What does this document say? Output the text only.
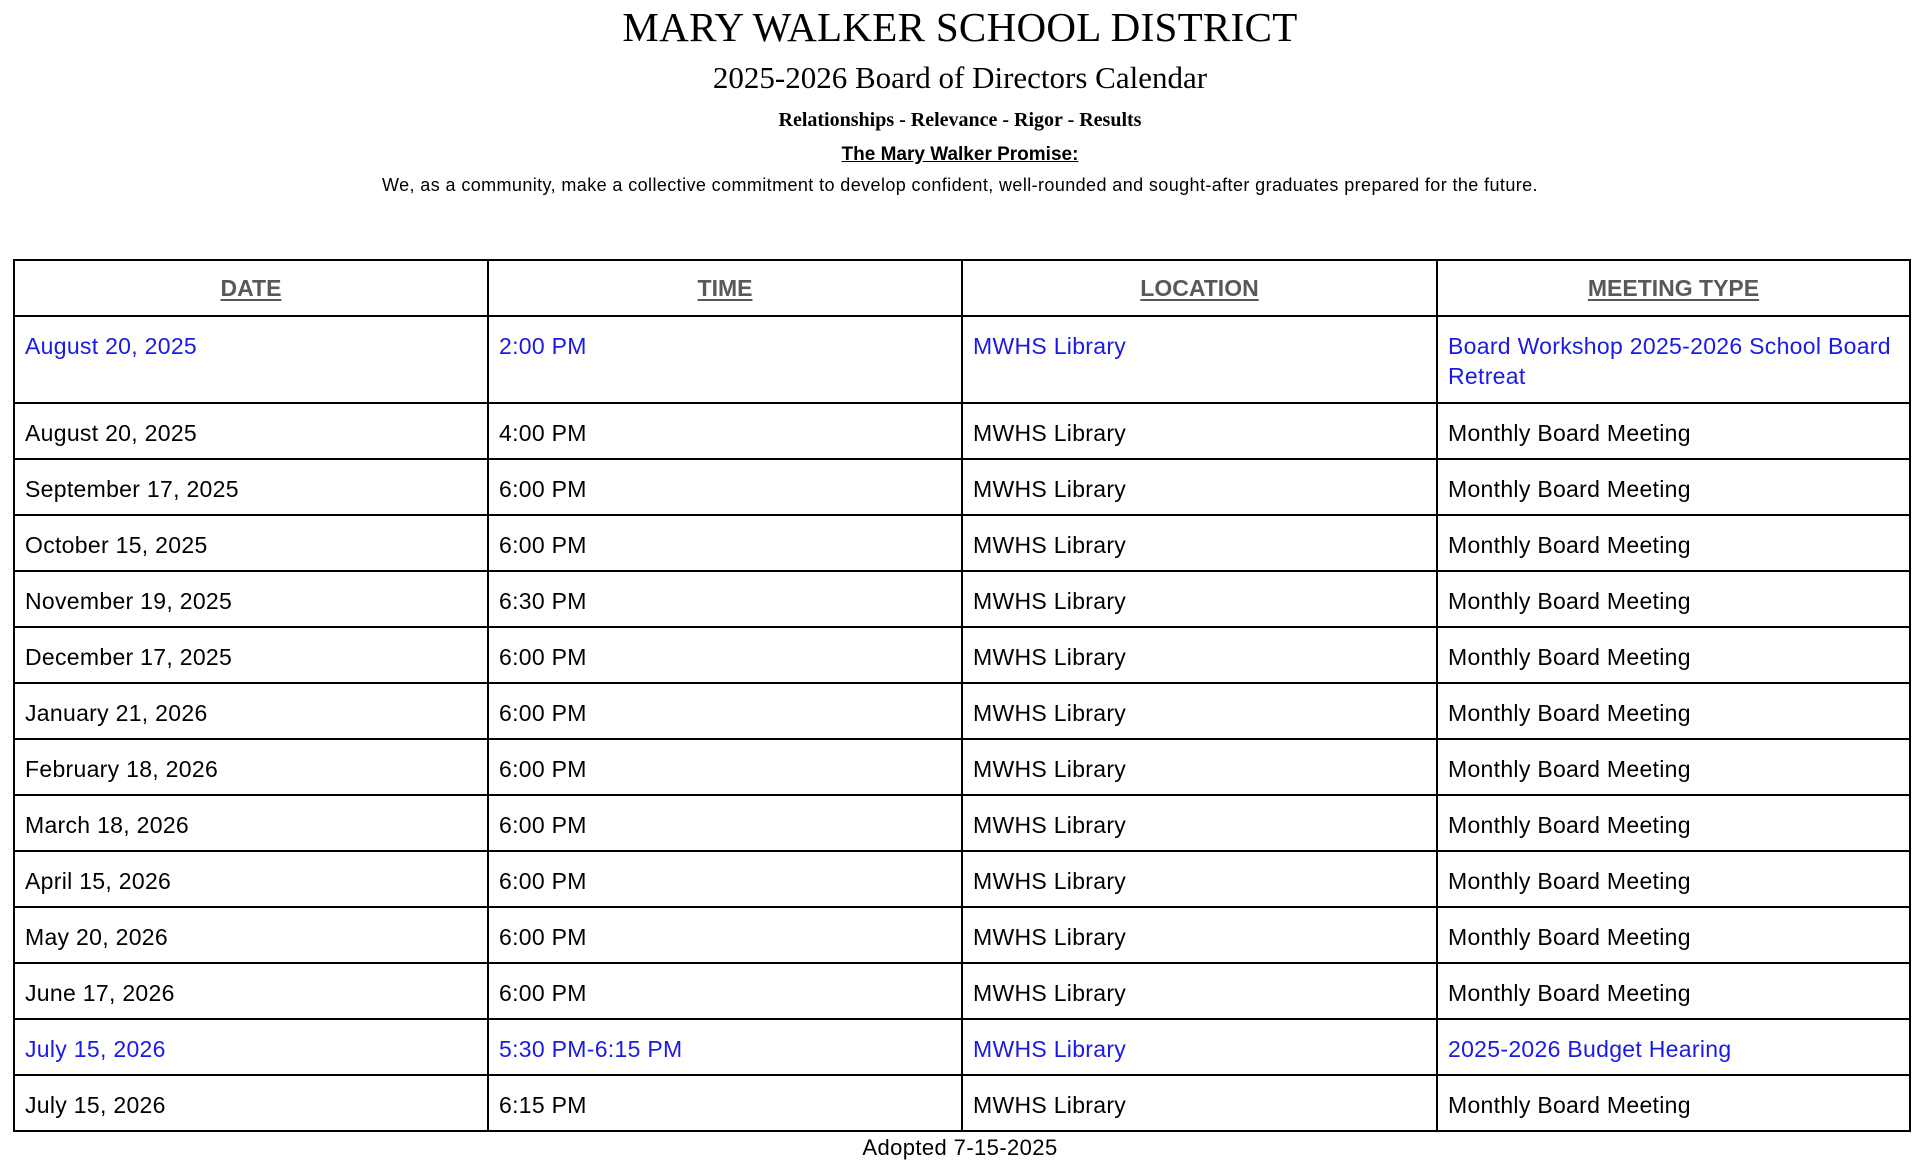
MARY WALKER SCHOOL DISTRICT
2025-2026 Board of Directors Calendar
Relationships - Relevance - Rigor - Results
The Mary Walker Promise:
We, as a community, make a collective commitment to develop confident, well-rounded and sought-after graduates prepared for the future.
DATE	TIME	LOCATION	MEETING TYPE
August 20, 2025	2:00 PM	MWHS Library	Board Workshop 2025-2026 School Board Retreat
August 20, 2025	4:00 PM	MWHS Library	Monthly Board Meeting
September 17, 2025	6:00 PM	MWHS Library	Monthly Board Meeting
October 15, 2025	6:00 PM	MWHS Library	Monthly Board Meeting
November 19, 2025	6:30 PM	MWHS Library	Monthly Board Meeting
December 17, 2025	6:00 PM	MWHS Library	Monthly Board Meeting
January 21, 2026	6:00 PM	MWHS Library	Monthly Board Meeting
February 18, 2026	6:00 PM	MWHS Library	Monthly Board Meeting
March 18, 2026	6:00 PM	MWHS Library	Monthly Board Meeting
April 15, 2026	6:00 PM	MWHS Library	Monthly Board Meeting
May 20, 2026	6:00 PM	MWHS Library	Monthly Board Meeting
June 17, 2026	6:00 PM	MWHS Library	Monthly Board Meeting
July 15, 2026	5:30 PM-6:15 PM	MWHS Library	2025-2026 Budget Hearing
July 15, 2026	6:15 PM	MWHS Library	Monthly Board Meeting
Adopted 7-15-2025
